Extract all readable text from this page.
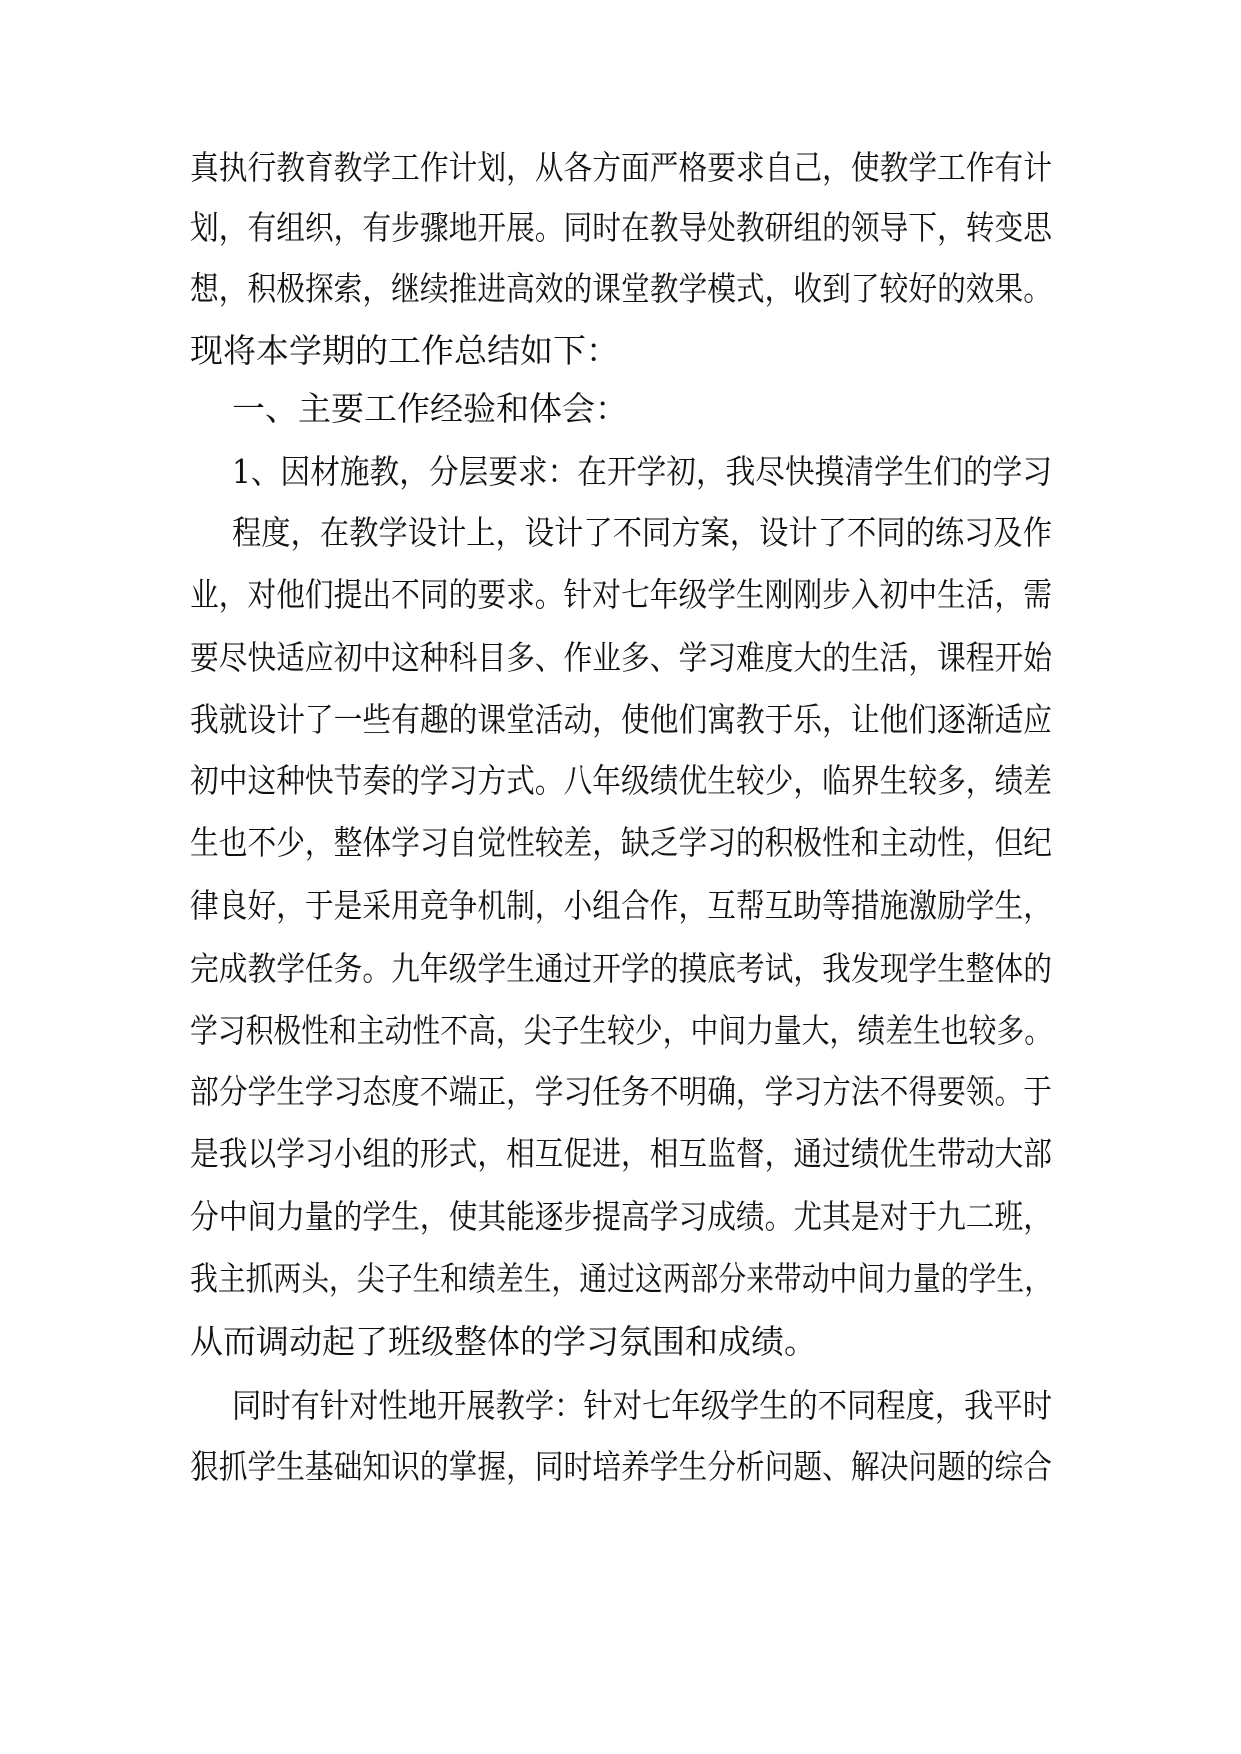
真执行教育教学工作计划，从各方面严格要求自己，使教学工作有计

划，有组织，有步骤地开展。同时在教导处教研组的领导下，转变思

想，积极探索，继续推进高效的课堂教学模式，收到了较好的效果。

现将本学期的工作总结如下：

一、主要工作经验和体会：

1、因材施教，分层要求：在开学初，我尽快摸清学生们的学习

程度，在教学设计上，设计了不同方案，设计了不同的练习及作

业，对他们提出不同的要求。针对七年级学生刚刚步入初中生活，需

要尽快适应初中这种科目多、作业多、学习难度大的生活，课程开始

我就设计了一些有趣的课堂活动，使他们寓教于乐，让他们逐渐适应

初中这种快节奏的学习方式。八年级绩优生较少，临界生较多，绩差

生也不少，整体学习自觉性较差，缺乏学习的积极性和主动性，但纪

律良好，于是采用竞争机制，小组合作，互帮互助等措施激励学生，

完成教学任务。九年级学生通过开学的摸底考试，我发现学生整体的

学习积极性和主动性不高，尖子生较少，中间力量大，绩差生也较多。

部分学生学习态度不端正，学习任务不明确，学习方法不得要领。于

是我以学习小组的形式，相互促进，相互监督，通过绩优生带动大部

分中间力量的学生，使其能逐步提高学习成绩。尤其是对于九二班，

我主抓两头，尖子生和绩差生，通过这两部分来带动中间力量的学生，

从而调动起了班级整体的学习氛围和成绩。

同时有针对性地开展教学：针对七年级学生的不同程度，我平时

狠抓学生基础知识的掌握，同时培养学生分析问题、解决问题的综合
